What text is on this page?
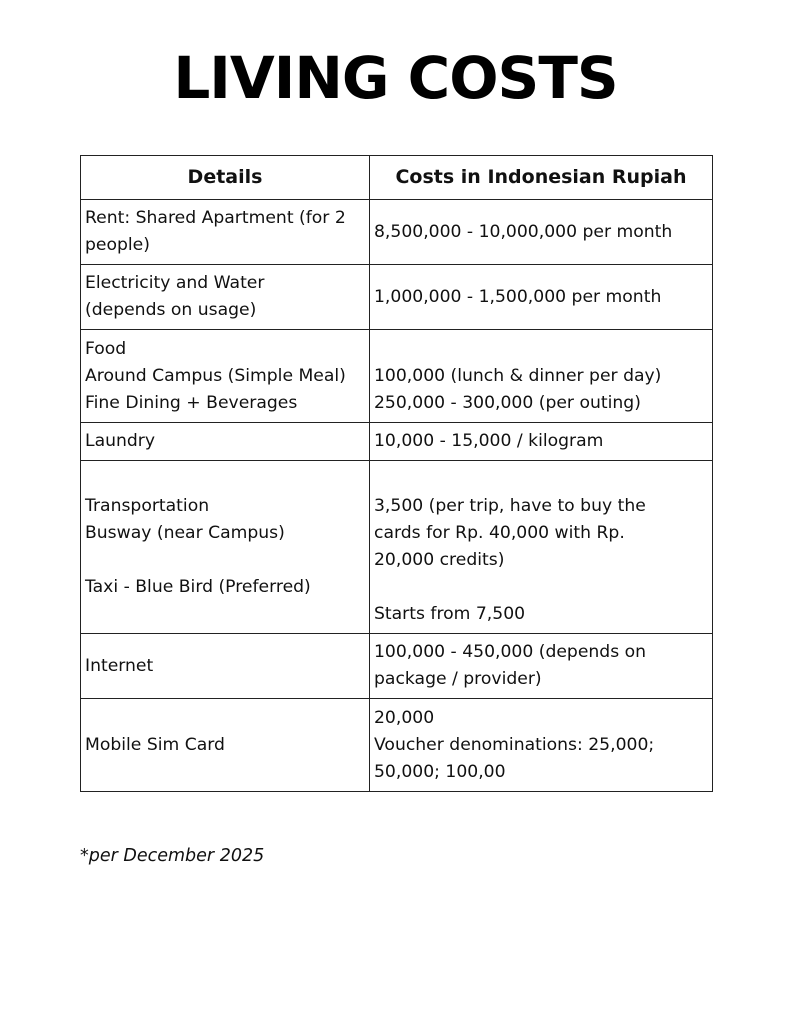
LIVING COSTS
Details	Costs in Indonesian Rupiah

Rent: Shared Apartment (for 2
people)	8,500,000 - 10,000,000 per month

Electricity and Water
(depends on usage)	1,000,000 - 1,500,000 per month

Food
Around Campus (Simple Meal)
Fine Dining + Beverages	100,000 (lunch & dinner per day)
250,000 - 300,000 (per outing)

Laundry	10,000 - 15,000 / kilogram

Transportation
Busway (near Campus)
Taxi - Blue Bird (Preferred)	3,500 (per trip, have to buy the
cards for Rp. 40,000 with Rp.
20,000 credits)
Starts from 7,500

Internet	100,000 - 450,000 (depends on
package / provider)

Mobile Sim Card	20,000
Voucher denominations: 25,000;
50,000; 100,00
*per December 2025
